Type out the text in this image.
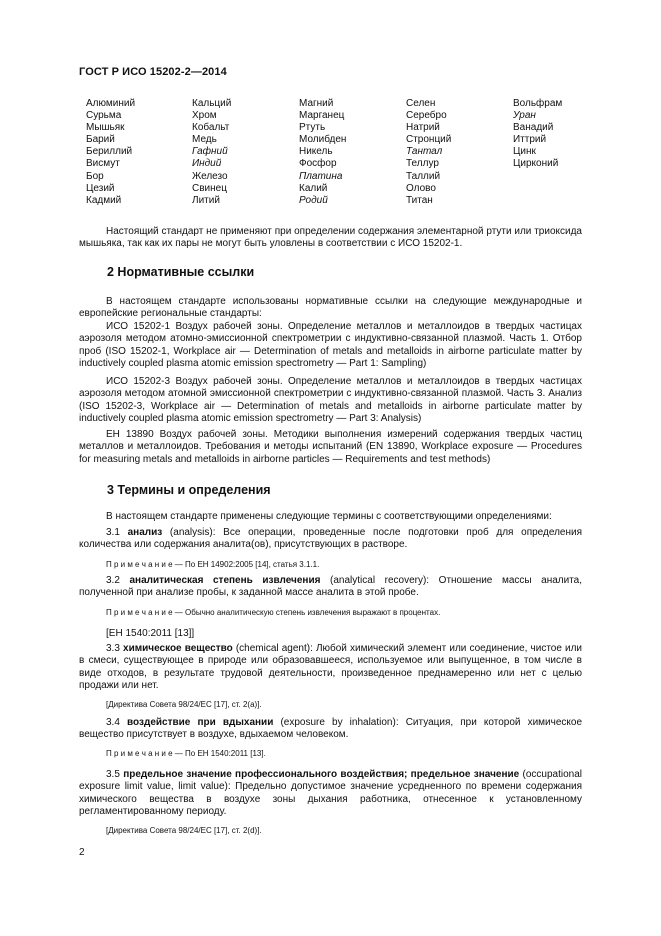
ГОСТ Р ИСО 15202-2—2014
Алюминий
Сурьма
Мышьяк
Барий
Бериллий
Висмут
Бор
Цезий
Кадмий
Кальций
Хром
Кобальт
Медь
Гафний
Индий
Железо
Свинец
Литий
Магний
Марганец
Ртуть
Молибден
Никель
Фосфор
Платина
Калий
Родий
Селен
Серебро
Натрий
Стронций
Тантал
Теллур
Таллий
Олово
Титан
Вольфрам
Уран
Ванадий
Иттрий
Цинк
Цирконий
Настоящий стандарт не применяют при определении содержания элементарной ртути или триоксида мышьяка, так как их пары не могут быть уловлены в соответствии с ИСО 15202-1.
2 Нормативные ссылки
В настоящем стандарте использованы нормативные ссылки на следующие международные и европейские региональные стандарты:
ИСО 15202-1 Воздух рабочей зоны. Определение металлов и металлоидов в твердых частицах аэрозоля методом атомно-эмиссионной спектрометрии с индуктивно-связанной плазмой. Часть 1. Отбор проб (ISO 15202-1, Workplace air — Determination of metals and metalloids in airborne particulate matter by inductively coupled plasma atomic emission spectrometry — Part 1: Sampling)
ИСО 15202-3 Воздух рабочей зоны. Определение металлов и металлоидов в твердых частицах аэрозоля методом атомной эмиссионной спектрометрии с индуктивно-связанной плазмой. Часть 3. Анализ (ISO 15202-3, Workplace air — Determination of metals and metalloids in airborne particulate matter by inductively coupled plasma atomic emission spectrometry — Part 3: Analysis)
ЕН 13890 Воздух рабочей зоны. Методики выполнения измерений содержания твердых частиц металлов и металлоидов. Требования и методы испытаний (EN 13890, Workplace exposure — Procedures for measuring metals and metalloids in airborne particles — Requirements and test methods)
3 Термины и определения
В настоящем стандарте применены следующие термины с соответствующими определениями:
3.1 анализ (analysis): Все операции, проведенные после подготовки проб для определения количества или содержания аналита(ов), присутствующих в растворе.
П р и м е ч а н и е — По ЕН 14902:2005 [14], статья 3.1.1.
3.2 аналитическая степень извлечения (analytical recovery): Отношение массы аналита, полученной при анализе пробы, к заданной массе аналита в этой пробе.
П р и м е ч а н и е — Обычно аналитическую степень извлечения выражают в процентах.
[ЕН 1540:2011 [13]]
3.3 химическое вещество (chemical agent): Любой химический элемент или соединение, чистое или в смеси, существующее в природе или образовавшееся, используемое или выпущенное, в том числе в виде отходов, в результате трудовой деятельности, произведенное преднамеренно или нет с целью продажи или нет.
[Директива Совета 98/24/ЕС [17], ст. 2(а)].
3.4 воздействие при вдыхании (exposure by inhalation): Ситуация, при которой химическое вещество присутствует в воздухе, вдыхаемом человеком.
П р и м е ч а н и е — По ЕН 1540:2011 [13].
3.5 предельное значение профессионального воздействия; предельное значение (occupational exposure limit value, limit value): Предельно допустимое значение усредненного по времени содержания химического вещества в воздухе зоны дыхания работника, отнесенное к установленному регламентированному периоду.
[Директива Совета 98/24/ЕС [17], ст. 2(d)].
2
